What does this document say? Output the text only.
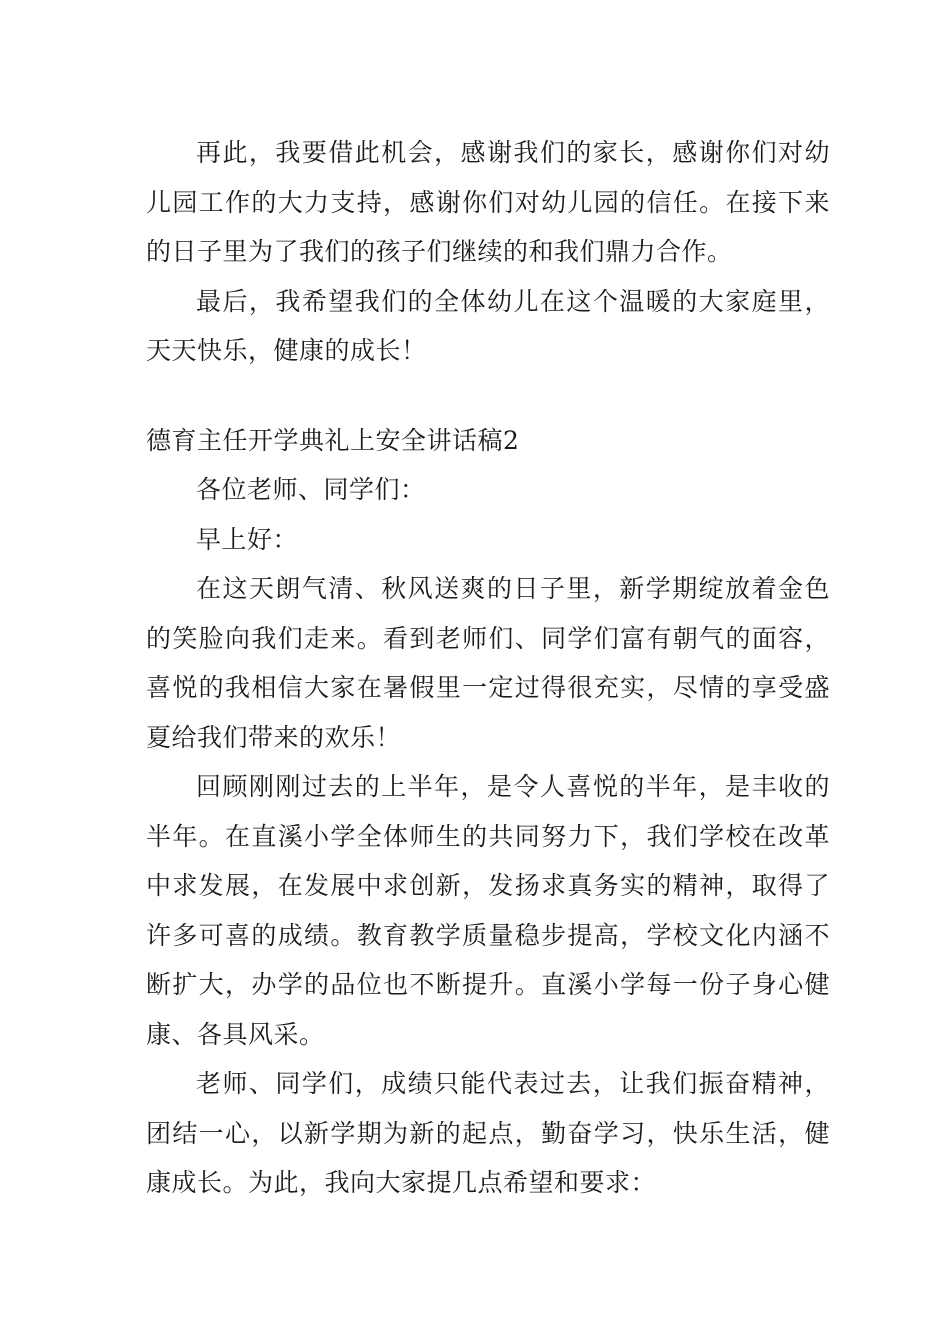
再此，我要借此机会，感谢我们的家长，感谢你们对幼儿园工作的大力支持，感谢你们对幼儿园的信任。在接下来的日子里为了我们的孩子们继续的和我们鼎力合作。

最后，我希望我们的全体幼儿在这个温暖的大家庭里，天天快乐，健康的成长！

德育主任开学典礼上安全讲话稿2

各位老师、同学们：

早上好：

在这天朗气清、秋风送爽的日子里，新学期绽放着金色的笑脸向我们走来。看到老师们、同学们富有朝气的面容，喜悦的我相信大家在暑假里一定过得很充实，尽情的享受盛夏给我们带来的欢乐！

回顾刚刚过去的上半年，是令人喜悦的半年，是丰收的半年。在直溪小学全体师生的共同努力下，我们学校在改革中求发展，在发展中求创新，发扬求真务实的精神，取得了许多可喜的成绩。教育教学质量稳步提高，学校文化内涵不断扩大，办学的品位也不断提升。直溪小学每一份子身心健康、各具风采。

老师、同学们，成绩只能代表过去，让我们振奋精神，团结一心，以新学期为新的起点，勤奋学习，快乐生活，健康成长。为此，我向大家提几点希望和要求：
